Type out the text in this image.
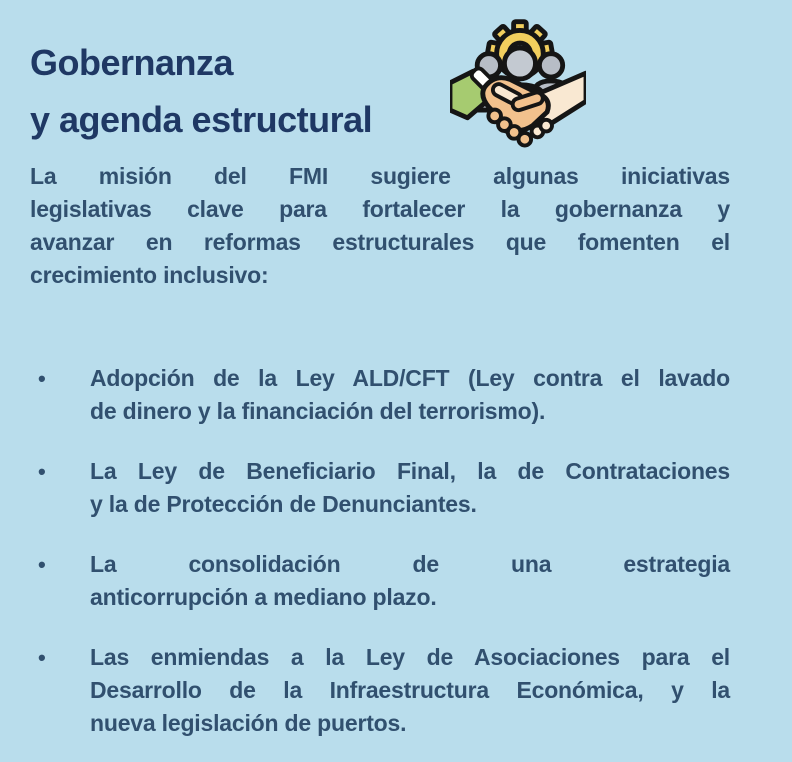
Gobernanza
y agenda estructural
La misión del FMI sugiere algunas iniciativas
legislativas clave para fortalecer la gobernanza y
avanzar en reformas estructurales que fomenten el
crecimiento inclusivo:
•	Adopción de la Ley ALD/CFT (Ley contra el lavado
de dinero y la financiación del terrorismo).
•	La Ley de Beneficiario Final, la de Contrataciones
y la de Protección de Denunciantes.
•	La consolidación de una estrategia
anticorrupción a mediano plazo.
•	Las enmiendas a la Ley de Asociaciones para el
Desarrollo de la Infraestructura Económica, y la
nueva legislación de puertos.
